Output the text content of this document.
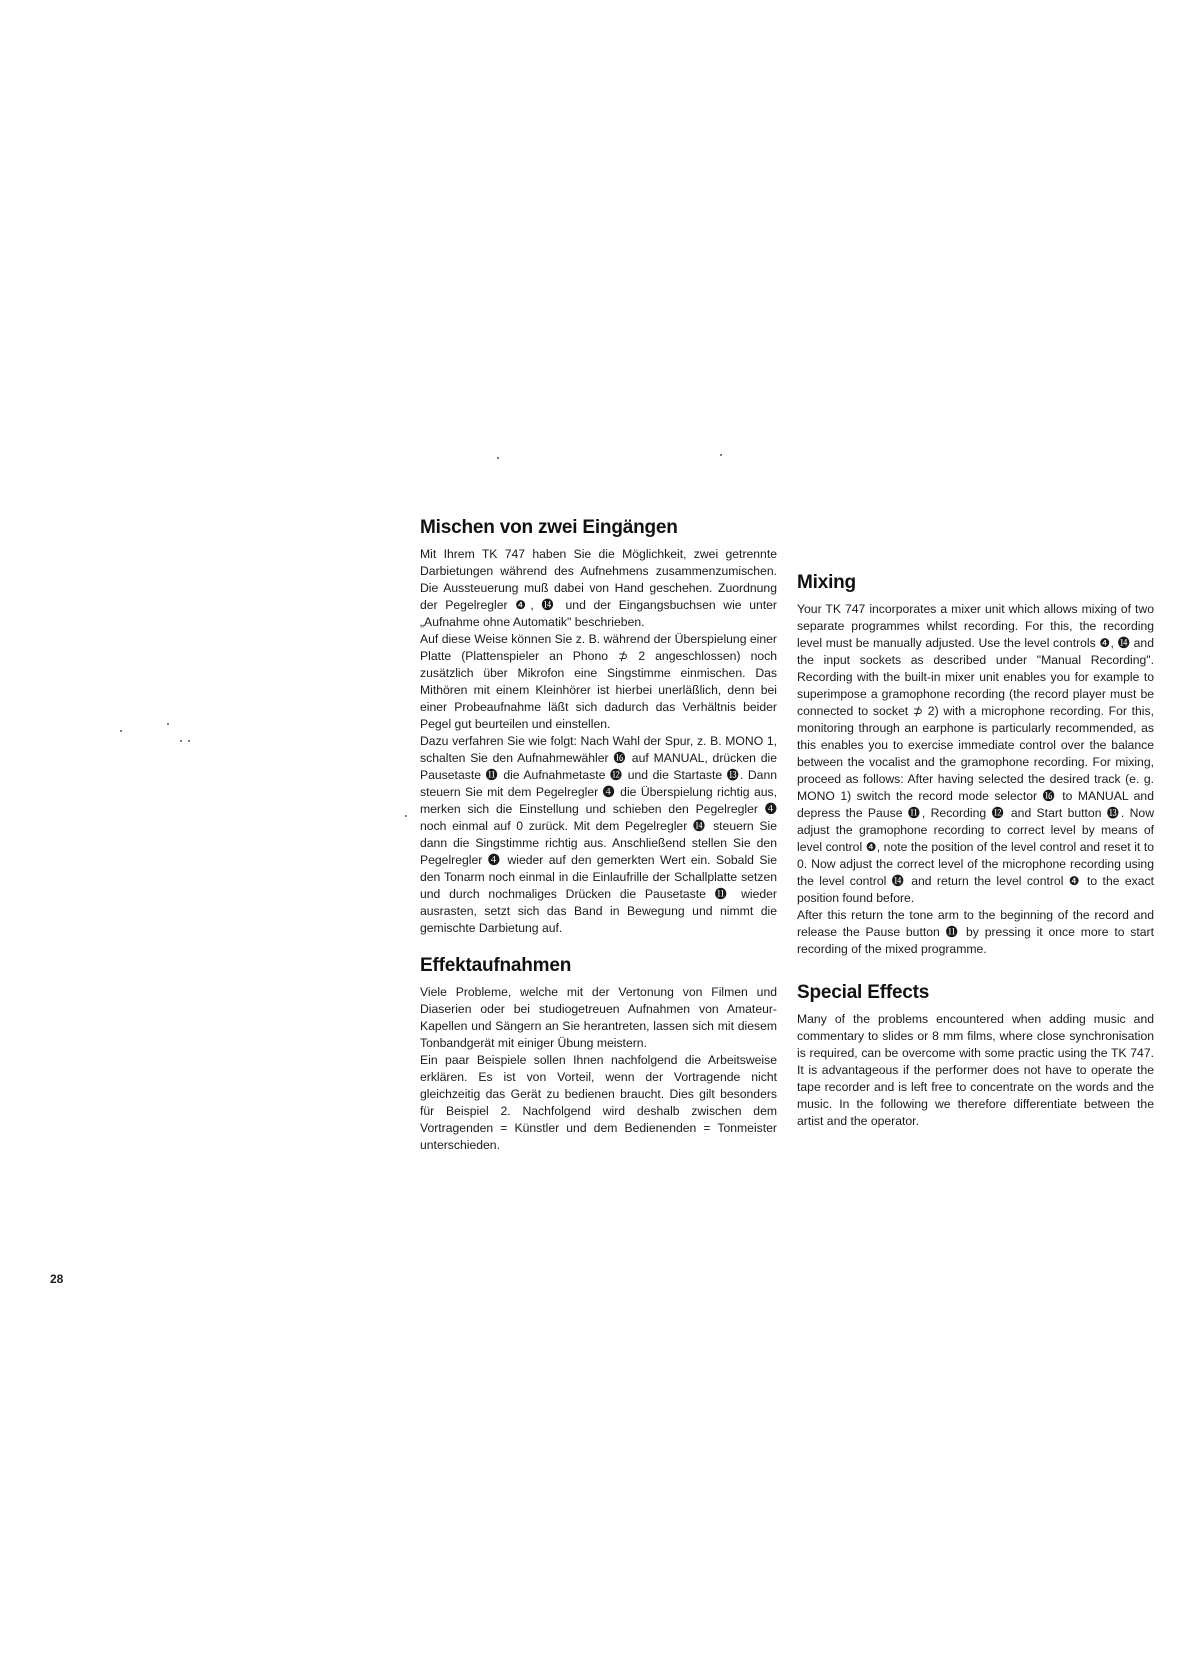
Mischen von zwei Eingängen

Mit Ihrem TK 747 haben Sie die Möglichkeit, zwei getrennte Darbietungen während des Aufnehmens zusammenzumischen. Die Aussteuerung muß dabei von Hand geschehen. Zuordnung der Pegelregler ❹, ⓮ und der Eingangsbuchsen wie unter „Aufnahme ohne Automatik" beschrieben.

Auf diese Weise können Sie z. B. während der Überspielung einer Platte (Plattenspieler an Phono ⊅ 2 angeschlossen) noch zusätzlich über Mikrofon eine Singstimme einmischen. Das Mithören mit einem Kleinhörer ist hierbei unerläßlich, denn bei einer Probeaufnahme läßt sich dadurch das Verhältnis beider Pegel gut beurteilen und einstellen.

Dazu verfahren Sie wie folgt: Nach Wahl der Spur, z. B. MONO 1, schalten Sie den Aufnahmewähler ⓰ auf MANUAL, drücken die Pausetaste ⓫ die Aufnahmetaste ⓬ und die Startaste ⓭. Dann steuern Sie mit dem Pegelregler ❹ die Überspielung richtig aus, merken sich die Einstellung und schieben den Pegelregler ❹ noch einmal auf 0 zurück. Mit dem Pegelregler ⓮ steuern Sie dann die Singstimme richtig aus. Anschließend stellen Sie den Pegelregler ❹ wieder auf den gemerkten Wert ein. Sobald Sie den Tonarm noch einmal in die Einlaufrille der Schallplatte setzen und durch nochmaliges Drücken die Pausetaste ⓫ wieder ausrasten, setzt sich das Band in Bewegung und nimmt die gemischte Darbietung auf.

Effektaufnahmen

Viele Probleme, welche mit der Vertonung von Filmen und Diaserien oder bei studiogetreuen Aufnahmen von Amateur-Kapellen und Sängern an Sie herantreten, lassen sich mit diesem Tonbandgerät mit einiger Übung meistern.

Ein paar Beispiele sollen Ihnen nachfolgend die Arbeitsweise erklären. Es ist von Vorteil, wenn der Vortragende nicht gleichzeitig das Gerät zu bedienen braucht. Dies gilt besonders für Beispiel 2. Nachfolgend wird deshalb zwischen dem Vortragenden = Künstler und dem Bedienenden = Tonmeister unterschieden.

Mixing

Your TK 747 incorporates a mixer unit which allows mixing of two separate programmes whilst recording. For this, the recording level must be manually adjusted. Use the level controls ❹, ⓮ and the input sockets as described under "Manual Recording". Recording with the built-in mixer unit enables you for example to superimpose a gramophone recording (the record player must be connected to socket ⊅ 2) with a microphone recording. For this, monitoring through an earphone is particularly recommended, as this enables you to exercise immediate control over the balance between the vocalist and the gramophone recording. For mixing, proceed as follows: After having selected the desired track (e. g. MONO 1) switch the record mode selector ⓰ to MANUAL and depress the Pause ⓫, Recording ⓬ and Start button ⓭. Now adjust the gramophone recording to correct level by means of level control ❹, note the position of the level control and reset it to 0. Now adjust the correct level of the microphone recording using the level control ⓮ and return the level control ❹ to the exact position found before.

After this return the tone arm to the beginning of the record and release the Pause button ⓫ by pressing it once more to start recording of the mixed programme.

Special Effects

Many of the problems encountered when adding music and commentary to slides or 8 mm films, where close synchronisation is required, can be overcome with some practic using the TK 747. It is advantageous if the performer does not have to operate the tape recorder and is left free to concentrate on the words and the music. In the following we therefore differentiate between the artist and the operator.

28
